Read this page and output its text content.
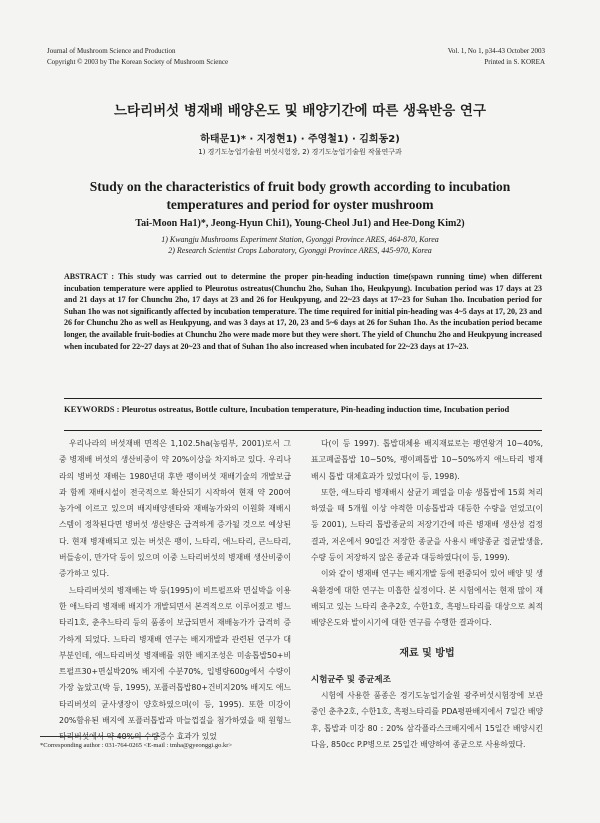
Journal of Mushroom Science and Production
Copyright © 2003 by The Korean Society of Mushroom Science
Vol. 1, No 1, p34-43 October 2003
Printed in S. KOREA
느타리버섯 병재배 배양온도 및 배양기간에 따른 생육반응 연구
하태문1)* · 지정현1) · 주영철1) · 김희동2)
1) 경기도농업기술원 버섯시험장, 2) 경기도농업기술원 작물연구과
Study on the characteristics of fruit body growth according to incubation temperatures and period for oyster mushroom
Tai-Moon Ha1)*, Jeong-Hyun Chi1), Young-Cheol Ju1) and Hee-Dong Kim2)
1) Kwangju Mushrooms Experiment Station, Gyonggi Province ARES, 464-870, Korea
2) Research Scientist Crops Laboratory, Gyonggi Province ARES, 445-970, Korea
ABSTRACT : This study was carried out to determine the proper pin-heading induction time(spawn running time) when different incubation temperature were applied to Pleurotus ostreatus(Chunchu 2ho, Suhan 1ho, Heukpyung). Incubation period was 17 days at 23 and 21 days at 17 for Chunchu 2ho, 17 days at 23 and 26 for Heukpyung, and 22~23 days at 17~23 for Suhan 1ho. Incubation period for Suhan 1ho was not significantly affected by incubation temperature. The time required for initial pin-heading was 4~5 days at 17, 20, 23 and 26 for Chunchu 2ho as well as Heukpyung, and was 3 days at 17, 20, 23 and 5~6 days at 26 for Suhan 1ho. As the incubation period became longer, the available fruit-bodies at Chunchu 2ho were made more but they were short. The yield of Chunchu 2ho and Heukpyung increased when incubated for 22~27 days at 20~23 and that of Suhan 1ho also increased when incubated for 22~23 days at 17~23.
KEYWORDS : Pleurotus ostreatus, Bottle culture, Incubation temperature, Pin-heading induction time, Incubation period

우리나라의 버섯재배 면적은 1,102.5ha(농림부, 2001)로서 그중 병재배 버섯의 생산비중이 약 20%이상을 차지하고 있다. 우리나라의 병버섯 재배는 1980년대 후반 팽이버섯 재배기술의 개발보급과 함께 재배시설이 전국적으로 확산되기 시작하여 현재 약 200여 농가에 이르고 있으며 배지배양센타와 재배농가와의 이원화 재배시스템이 정착된다면 병버섯 생산량은 급격하게 증가될 것으로 예상된다. 현재 병재배되고 있는 버섯은 팽이, 느타리, 애느타리, 큰느타리, 버들송이, 만가닥 등이 있으며 이중 느타리버섯의 병재배 생산비중이 증가하고 있다.

느타리버섯의 병재배는 박 등(1995)이 비트펄프와 면실박을 이용한 애느타리 병재배 배지가 개발되면서 본격적으로 이루어졌고 병느타리1호, 춘추느타리 등의 품종이 보급되면서 재배농가가 급격히 증가하게 되었다. 느타리 병재배 연구는 배지개발과 관련된 연구가 대부분인데, 애느타리버섯 병재배를 위한 배지조성은 미송톱밥50+비트펄프30+면실박20% 배지에 수분70%, 입병량600g에서 수량이 가장 높았고(박 등, 1995), 포플러톱밥80+건비지20% 배지도 애느타리버섯의 균사생장이 양호하였으며(이 등, 1995). 또한 미강이 20%함유된 배지에 포플러톱밥과 마늘껍질을 첨가하였을 때 원형느타리버섯에서 약 40%의 수량증수 효과가 있었

다(이 등 1997). 톱밥대체용 배지재료로는 팽연왕겨 10~40%, 표고폐골톱밥 10~50%, 팽이폐톱밥 10~50%까지 애느타리 병재배시 톱밥 대체효과가 있었다(이 등, 1998).

또한, 애느타리 병재배시 살균기 폐열을 미송 생톱밥에 15회 처리하였을 때 5개월 이상 야적한 미송톱밥과 대등한 수량을 얻었고(이 등 2001), 느타리 톱밥종균의 저장기간에 따른 병재배 생산성 검정 결과, 저온에서 90일간 저장한 종균을 사용시 배양종균 접균발생율, 수량 등이 저장하지 않은 종균과 대등하였다(이 등, 1999).

이와 같이 병재배 연구는 배지개발 등에 편중되어 있어 배양 및 생육환경에 대한 연구는 미흡한 실정이다. 본 시험에서는 현재 많이 재배되고 있는 느타리 춘추2호, 수한1호, 흑평느타리를 대상으로 최적 배양온도와 발이시기에 대한 연구를 수행한 결과이다.

재료 및 방법
시험균주 및 종균제조

시험에 사용한 품종은 경기도농업기술원 광주버섯시험장에 보관중인 춘추2호, 수한1호, 흑평느타리를 PDA평판배지에서 7일간 배양 후, 톱밥과 미강 80 : 20% 삼각플라스크배지에서 15일간 배양시킨 다음, 850cc P.P병으로 25일간 배양하여 종균으로 사용하였다.

*Corresponding author : 031-764-0265 <E-mail : tmha@gyeonggi.go.kr>
